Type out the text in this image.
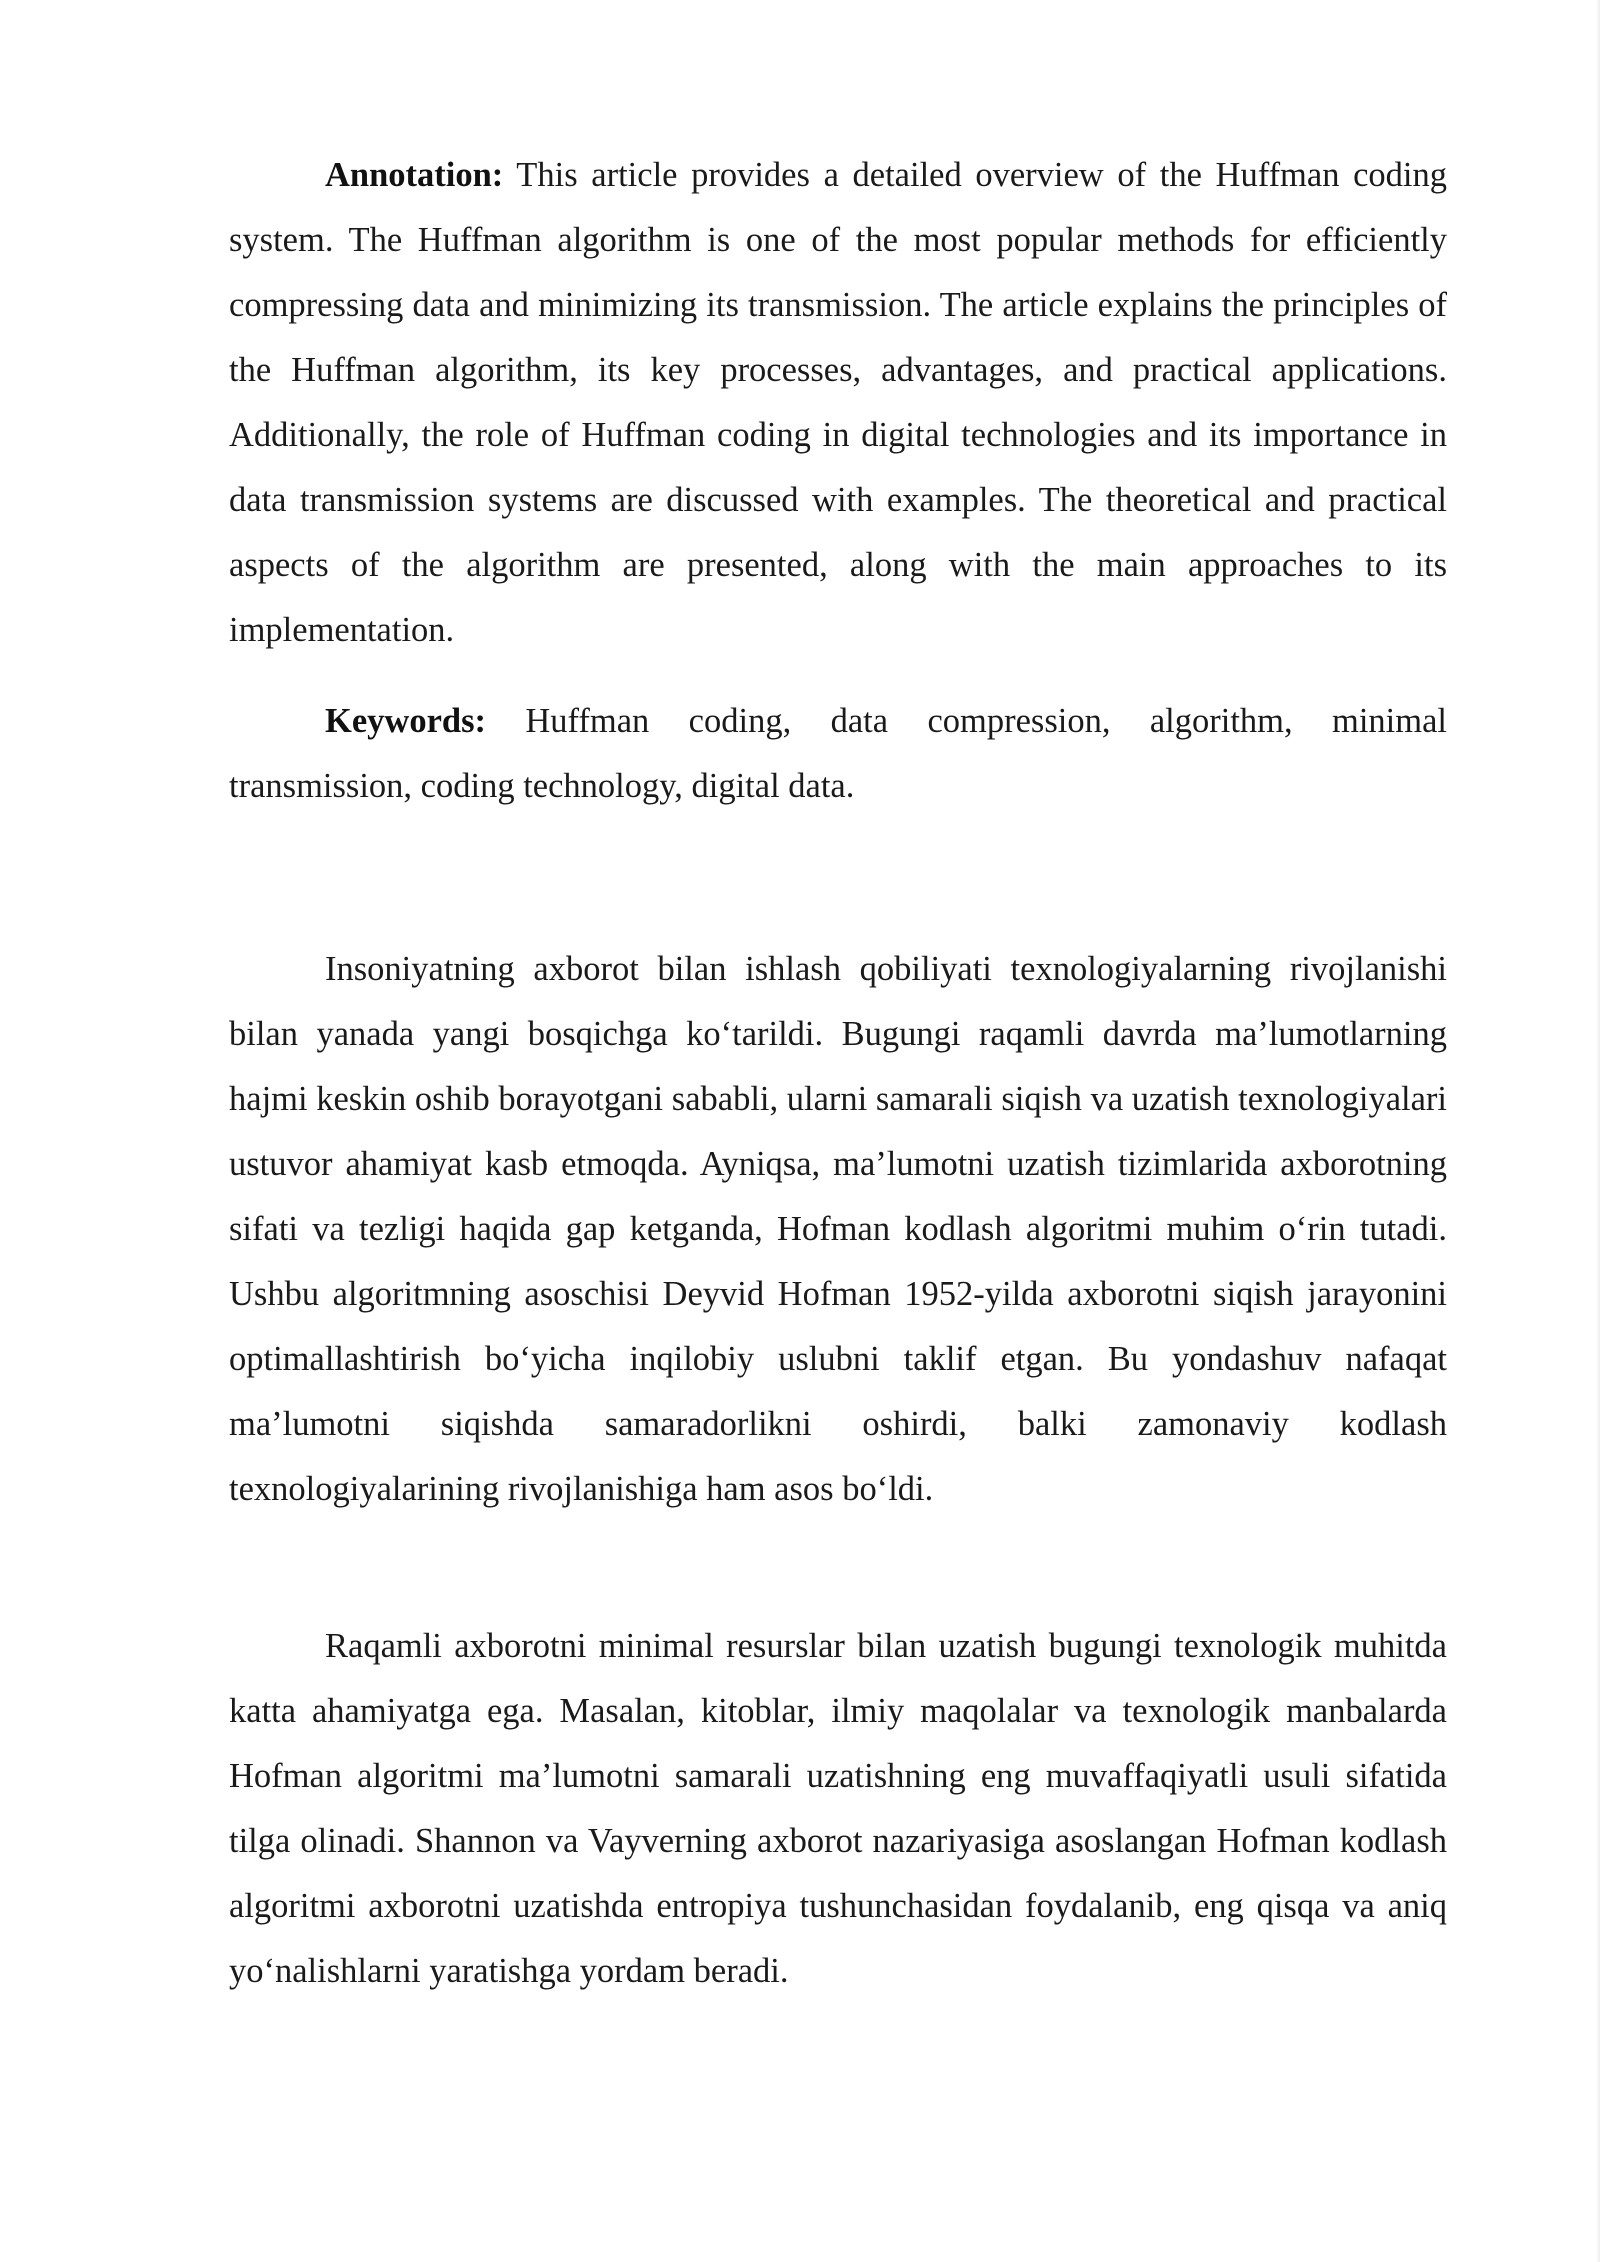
Annotation: This article provides a detailed overview of the Huffman coding system. The Huffman algorithm is one of the most popular methods for efficiently compressing data and minimizing its transmission. The article explains the principles of the Huffman algorithm, its key processes, advantages, and practical applications. Additionally, the role of Huffman coding in digital technologies and its importance in data transmission systems are discussed with examples. The theoretical and practical aspects of the algorithm are presented, along with the main approaches to its implementation.

Keywords: Huffman coding, data compression, algorithm, minimal transmission, coding technology, digital data.

Insoniyatning axborot bilan ishlash qobiliyati texnologiyalarning rivojlanishi bilan yanada yangi bosqichga ko‘tarildi. Bugungi raqamli davrda ma’lumotlarning hajmi keskin oshib borayotgani sababli, ularni samarali siqish va uzatish texnologiyalari ustuvor ahamiyat kasb etmoqda. Ayniqsa, ma’lumotni uzatish tizimlarida axborotning sifati va tezligi haqida gap ketganda, Hofman kodlash algoritmi muhim o‘rin tutadi. Ushbu algoritmning asoschisi Deyvid Hofman 1952-yilda axborotni siqish jarayonini optimallashtirish bo‘yicha inqilobiy uslubni taklif etgan. Bu yondashuv nafaqat ma’lumotni siqishda samaradorlikni oshirdi, balki zamonaviy kodlash texnologiyalarining rivojlanishiga ham asos bo‘ldi.

Raqamli axborotni minimal resurslar bilan uzatish bugungi texnologik muhitda katta ahamiyatga ega. Masalan, kitoblar, ilmiy maqolalar va texnologik manbalarda Hofman algoritmi ma’lumotni samarali uzatishning eng muvaffaqiyatli usuli sifatida tilga olinadi. Shannon va Vayverning axborot nazariyasiga asoslangan Hofman kodlash algoritmi axborotni uzatishda entropiya tushunchasidan foydalanib, eng qisqa va aniq yo‘nalishlarni yaratishga yordam beradi.
